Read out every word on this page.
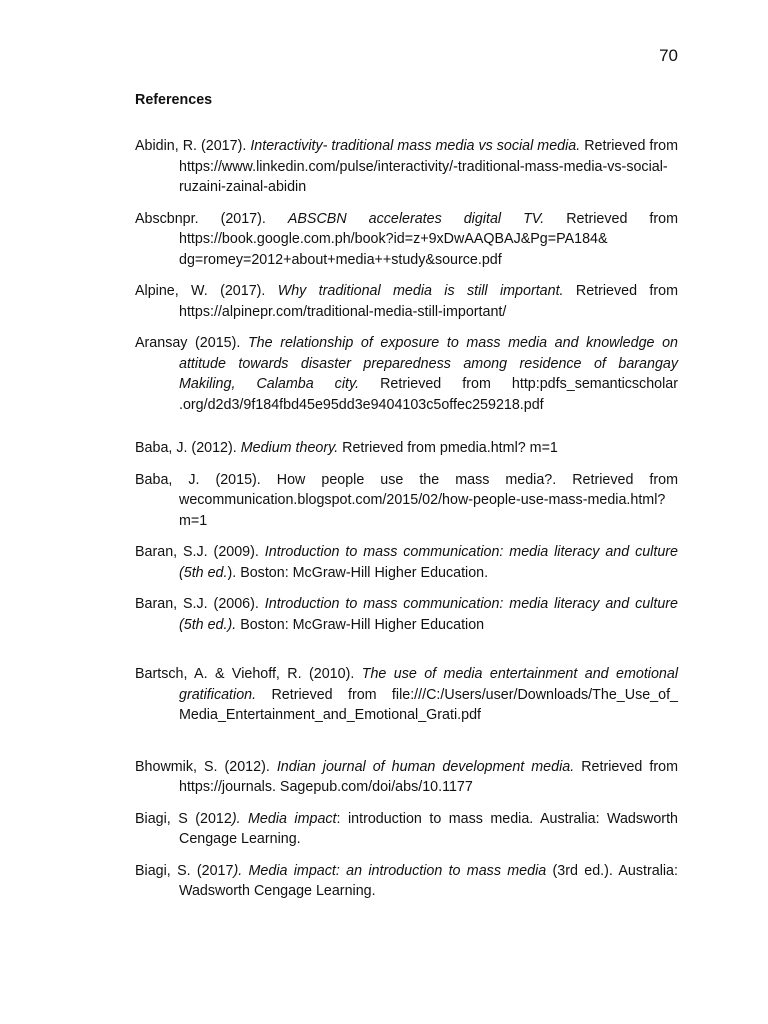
70
References
Abidin, R. (2017). Interactivity- traditional mass media vs social media. Retrieved from https://www.linkedin.com/pulse/interactivity/-traditional-mass-media-vs-social-ruzaini-zainal-abidin
Abscbnpr. (2017). ABSCBN accelerates digital TV. Retrieved from https://book.google.com.ph/book?id=z+9xDwAAQBAJ&Pg=PA184& dg=romey=2012+about+media++study&source.pdf
Alpine, W. (2017). Why traditional media is still important. Retrieved from https://alpinepr.com/traditional-media-still-important/
Aransay (2015). The relationship of exposure to mass media and knowledge on attitude towards disaster preparedness among residence of barangay Makiling, Calamba city. Retrieved from http:pdfs_semanticscholar .org/d2d3/9f184fbd45e95dd3e9404103c5offec259218.pdf
Baba, J. (2012). Medium theory. Retrieved from pmedia.html? m=1
Baba, J. (2015). How people use the mass media?. Retrieved from wecommunication.blogspot.com/2015/02/how-people-use-mass-media.html?m=1
Baran, S.J. (2009). Introduction to mass communication: media literacy and culture (5th ed.). Boston: McGraw-Hill Higher Education.
Baran, S.J. (2006). Introduction to mass communication: media literacy and culture (5th ed.). Boston: McGraw-Hill Higher Education
Bartsch, A. & Viehoff, R. (2010). The use of media entertainment and emotional gratification. Retrieved from file:///C:/Users/user/Downloads/The_Use_of_ Media_Entertainment_and_Emotional_Grati.pdf
Bhowmik, S. (2012). Indian journal of human development media. Retrieved from https://journals. Sagepub.com/doi/abs/10.1177
Biagi, S (2012). Media impact: introduction to mass media. Australia: Wadsworth Cengage Learning.
Biagi, S. (2017). Media impact: an introduction to mass media (3rd ed.). Australia: Wadsworth Cengage Learning.
